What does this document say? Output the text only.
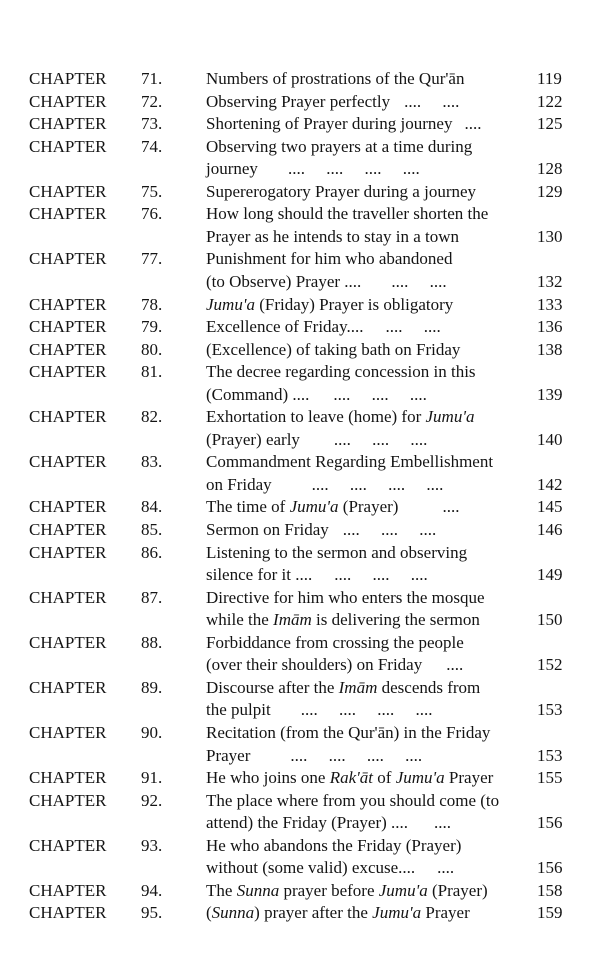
CHAPTER 71.	Numbers of prostrations of the Qur'ān	119
CHAPTER 72.	Observing Prayer perfectly ....     ....	122
CHAPTER 73.	Shortening of Prayer during journey ....	125
CHAPTER 74.	Observing two prayers at a time during
journey ....     ....     ....     ....	128
CHAPTER 75.	Supererogatory Prayer during a journey	129
CHAPTER 76.	How long should the traveller shorten the
Prayer as he intends to stay in a town	130
CHAPTER 77.	Punishment for him who abandoned
(to Observe) Prayer .... ....     ....	132
CHAPTER 78.	Jumu'a (Friday) Prayer is obligatory	133
CHAPTER 79.	Excellence of Friday.... ....     ....	136
CHAPTER 80.	(Excellence) of taking bath on Friday	138
CHAPTER 81.	The decree regarding concession in this
(Command) .... ....     ....     ....	139
CHAPTER 82.	Exhortation to leave (home) for Jumu'a
(Prayer) early ....     ....     ....	140
CHAPTER 83.	Commandment Regarding Embellishment
on Friday ....     ....     ....     ....	142
CHAPTER 84.	The time of Jumu'a (Prayer)	....	145
CHAPTER 85.	Sermon on Friday ....     ....     ....	146
CHAPTER 86.	Listening to the sermon and observing
silence for it .... ....     ....     ....	149
CHAPTER 87.	Directive for him who enters the mosque
while the Imām is delivering the sermon	150
CHAPTER 88.	Forbiddance from crossing the people
(over their shoulders) on Friday ....	152
CHAPTER 89.	Discourse after the Imām descends from
the pulpit ....     ....     ....     ....	153
CHAPTER 90.	Recitation (from the Qur'ān) in the Friday
Prayer ....     ....     ....     ....	153
CHAPTER 91.	He who joins one Rak'āt of Jumu'a Prayer	155
CHAPTER 92.	The place where from you should come (to
attend) the Friday (Prayer) .... ....	156
CHAPTER 93.	He who abandons the Friday (Prayer)
without (some valid) excuse.... ....	156
CHAPTER 94.	The Sunna prayer before Jumu'a (Prayer)	158
CHAPTER 95.	(Sunna) prayer after the Jumu'a Prayer	159
